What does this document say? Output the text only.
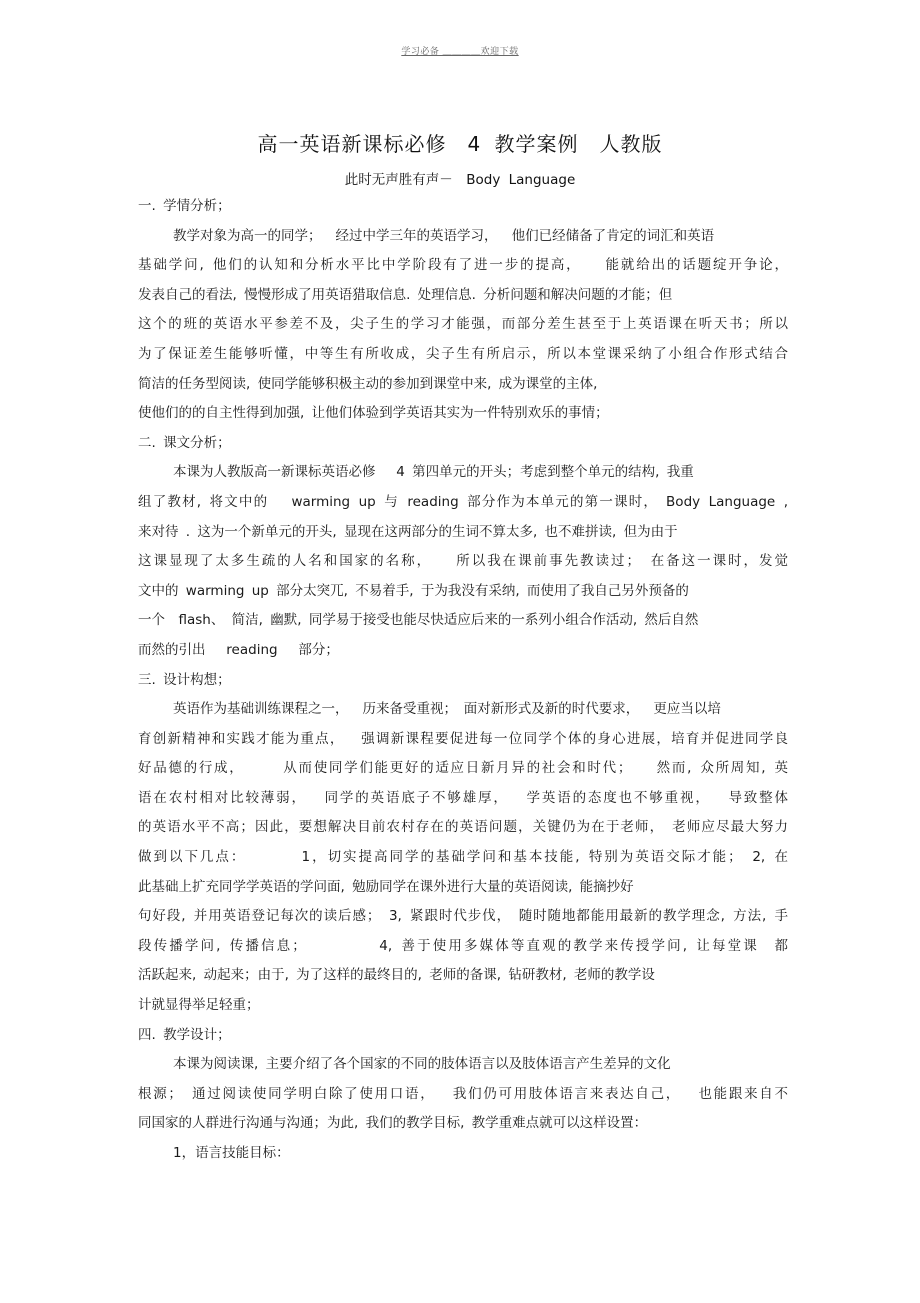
学习必备 ＿＿＿＿欢迎下载
高一英语新课标必修　4 教学案例　人教版
此时无声胜有声－　Body Language
一. 学情分析；
教学对象为高一的同学；　 经过中学三年的英语学习，　 他们已经储备了肯定的词汇和英语
基础学问, 他们的认知和分析水平比中学阶段有了进一步的提高，　　能就给出的话题绽开争论，
发表自己的看法, 慢慢形成了用英语猎取信息. 处理信息. 分析问题和解决问题的才能；但
这个的班的英语水平参差不及，尖子生的学习才能强，而部分差生甚至于上英语课在听天书；所以
为了保证差生能够听懂，中等生有所收成，尖子生有所启示，所以本堂课采纳了小组合作形式结合
简洁的任务型阅读, 使同学能够积极主动的参加到课堂中来, 成为课堂的主体,
使他们的的自主性得到加强, 让他们体验到学英语其实为一件特别欢乐的事情；
二. 课文分析；
本课为人教版高一新课标英语必修　 4 第四单元的开头；考虑到整个单元的结构, 我重
组了教材, 将文中的　 warming up 与 reading 部分作为本单元的第一课时，　Body Language ,
来对待 . 这为一个新单元的开头, 显现在这两部分的生词不算太多, 也不难拼读, 但为由于
这课显现了太多生疏的人名和国家的名称，　　所以我在课前事先教读过；　在备这一课时，发觉
文中的 warming up 部分太突兀, 不易着手, 于为我没有采纳, 而使用了我自己另外预备的
一个　flash、 简洁, 幽默, 同学易于接受也能尽快适应后来的一系列小组合作活动, 然后自然
而然的引出　 reading 　部分；
三. 设计构想；
英语作为基础训练课程之一，　 历来备受重视；　面对新形式及新的时代要求，　 更应当以培
育创新精神和实践才能为重点，　 强调新课程要促进每一位同学个体的身心进展，培育并促进同学良
好品德的行成，　　　从而使同学们能更好的适应日新月异的社会和时代；　　然而, 众所周知, 英
语在农村相对比较薄弱，　 同学的英语底子不够雄厚，　 学英语的态度也不够重视，　 导致整体
的英语水平不高；因此，要想解决目前农村存在的英语问题，关键仍为在于老师，　老师应尽最大努力
做到以下几点：　　　　1，切实提高同学的基础学问和基本技能, 特别为英语交际才能；　2, 在
此基础上扩充同学学英语的学问面, 勉励同学在课外进行大量的英语阅读, 能摘抄好
句好段, 并用英语登记每次的读后感；　3, 紧跟时代步伐，　随时随地都能用最新的教学理念, 方法, 手
段传播学问, 传播信息；　　　　　4, 善于使用多媒体等直观的教学来传授学问, 让每堂课　都
活跃起来, 动起来；由于, 为了这样的最终目的, 老师的备课, 钻研教材, 老师的教学设
计就显得举足轻重；
四. 教学设计；
本课为阅读课, 主要介绍了各个国家的不同的肢体语言以及肢体语言产生差异的文化
根源；　通过阅读使同学明白除了使用口语，　 我们仍可用肢体语言来表达自己，　 也能跟来自不
同国家的人群进行沟通与沟通；为此, 我们的教学目标, 教学重难点就可以这样设置：
1，语言技能目标：
